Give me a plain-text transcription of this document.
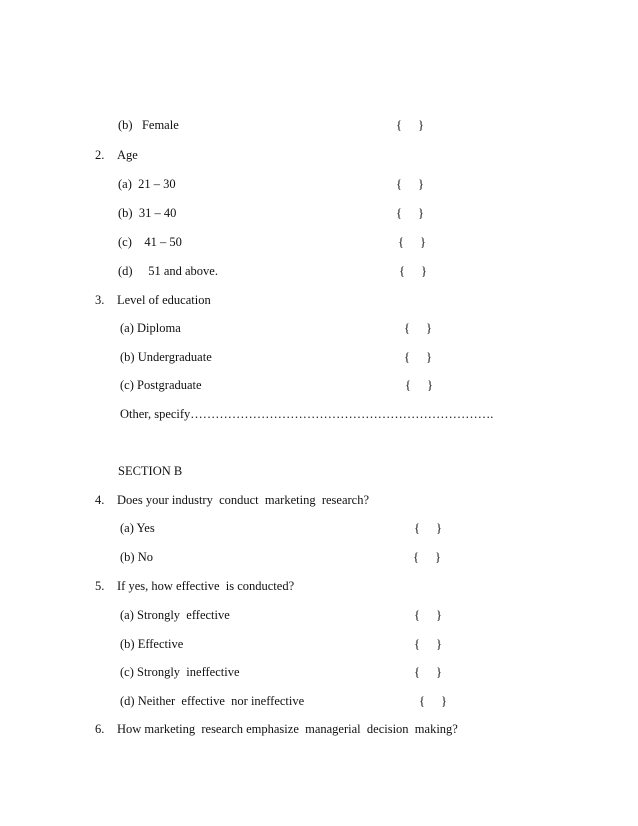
(b)   Female	{ }
2. Age
(a)  21 – 30	{ }
(b)  31 – 40	{ }
(c)    41 – 50	{ }
(d)     51 and above.	{ }
3. Level of education
(a) Diploma	{ }
(b) Undergraduate	{ }
(c) Postgraduate	{ }
Other, specify……………………………………………………………….
SECTION B
4. Does your industry  conduct  marketing  research?
(a) Yes	{ }
(b) No	{ }
5. If yes, how effective  is conducted?
(a) Strongly  effective	{ }
(b) Effective	{ }
(c) Strongly  ineffective	{ }
(d) Neither  effective  nor ineffective	{ }
6. How marketing  research emphasize  managerial  decision  making?
